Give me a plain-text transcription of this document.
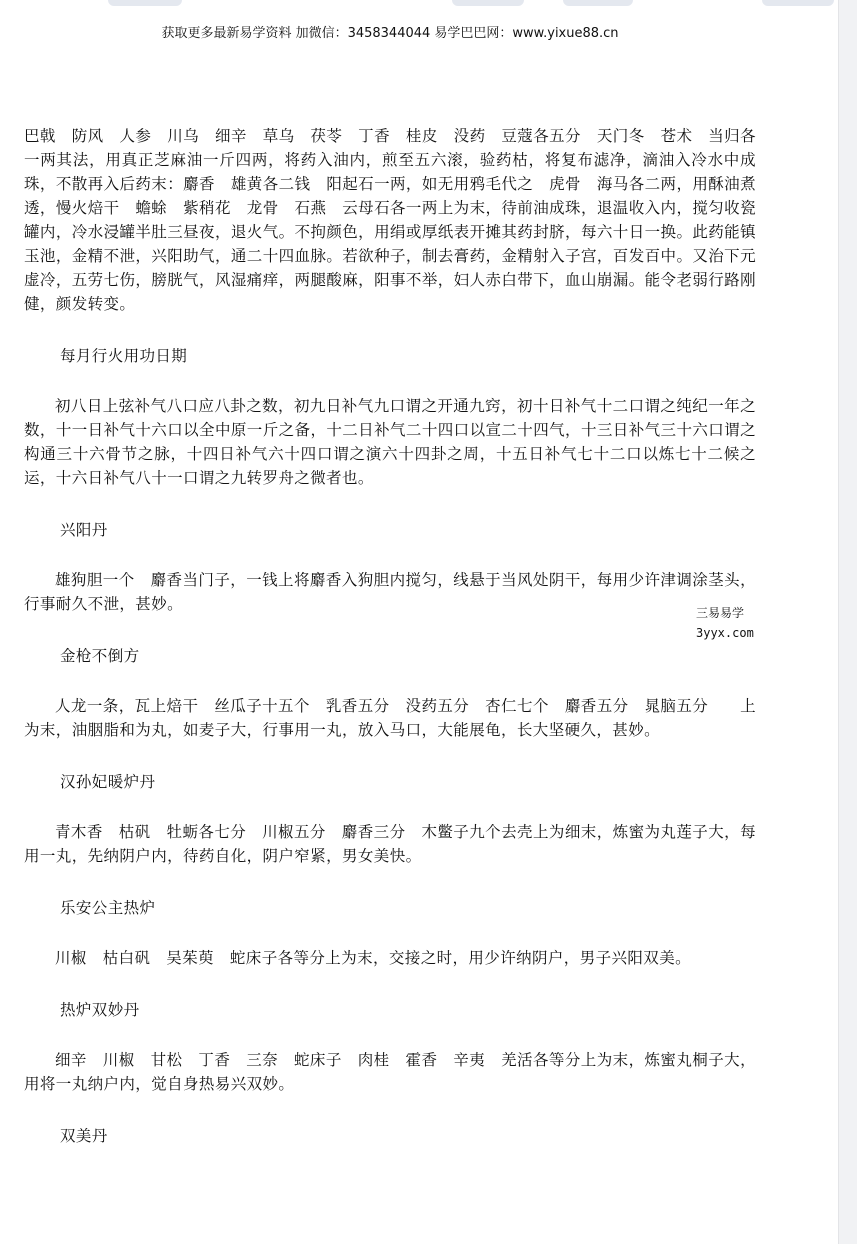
获取更多最新易学资料 加微信：3458344044 易学巴巴网：www.yixue88.cn

巴戟　防风　人参　川乌　细辛　草乌　茯苓　丁香　桂皮　没药　豆蔻各五分　天门冬　苍术　当归各一两其法，用真正芝麻油一斤四两，将药入油内，煎至五六滚，验药枯，将复布滤净，滴油入冷水中成珠，不散再入后药末：麝香　雄黄各二钱　阳起石一两，如无用鸦毛代之　虎骨　海马各二两，用酥油煮透，慢火焙干　蟾蜍　紫稍花　龙骨　石燕　云母石各一两上为末，待前油成珠，退温收入内，搅匀收瓷罐内，冷水浸罐半肚三昼夜，退火气。不拘颜色，用绢或厚纸表开摊其药封脐，每六十日一换。此药能镇玉池，金精不泄，兴阳助气，通二十四血脉。若欲种子，制去膏药，金精射入子宫，百发百中。又治下元虚冷，五劳七伤，膀胱气，风湿痛痒，两腿酸麻，阳事不举，妇人赤白带下，血山崩漏。能令老弱行路刚健，颜发转变。

每月行火用功日期

初八日上弦补气八口应八卦之数，初九日补气九口谓之开通九窍，初十日补气十二口谓之纯纪一年之数，十一日补气十六口以全中原一斤之备，十二日补气二十四口以宣二十四气，十三日补气三十六口谓之构通三十六骨节之脉，十四日补气六十四口谓之演六十四卦之周，十五日补气七十二口以炼七十二候之运，十六日补气八十一口谓之九转罗舟之微者也。

兴阳丹

雄狗胆一个　麝香当门子，一钱上将麝香入狗胆内搅匀，线悬于当风处阴干，每用少许津调涂茎头，行事耐久不泄，甚妙。

金枪不倒方

人龙一条，瓦上焙干　丝瓜子十五个　乳香五分　没药五分　杏仁七个　麝香五分　晁脑五分　　上为末，油胭脂和为丸，如麦子大，行事用一丸，放入马口，大能展龟，长大坚硬久，甚妙。

汉孙妃暖炉丹

青木香　枯矾　牡蛎各七分　川椒五分　麝香三分　木鳖子九个去壳上为细末，炼蜜为丸莲子大，每用一丸，先纳阴户内，待药自化，阴户窄紧，男女美快。

乐安公主热炉

川椒　枯白矾　吴茱萸　蛇床子各等分上为末，交接之时，用少许纳阴户，男子兴阳双美。

热炉双妙丹

细辛　川椒　甘松　丁香　三奈　蛇床子　肉桂　霍香　辛夷　羌活各等分上为末，炼蜜丸桐子大，用将一丸纳户内，觉自身热易兴双妙。

双美丹

三易易学
3yyx.com
